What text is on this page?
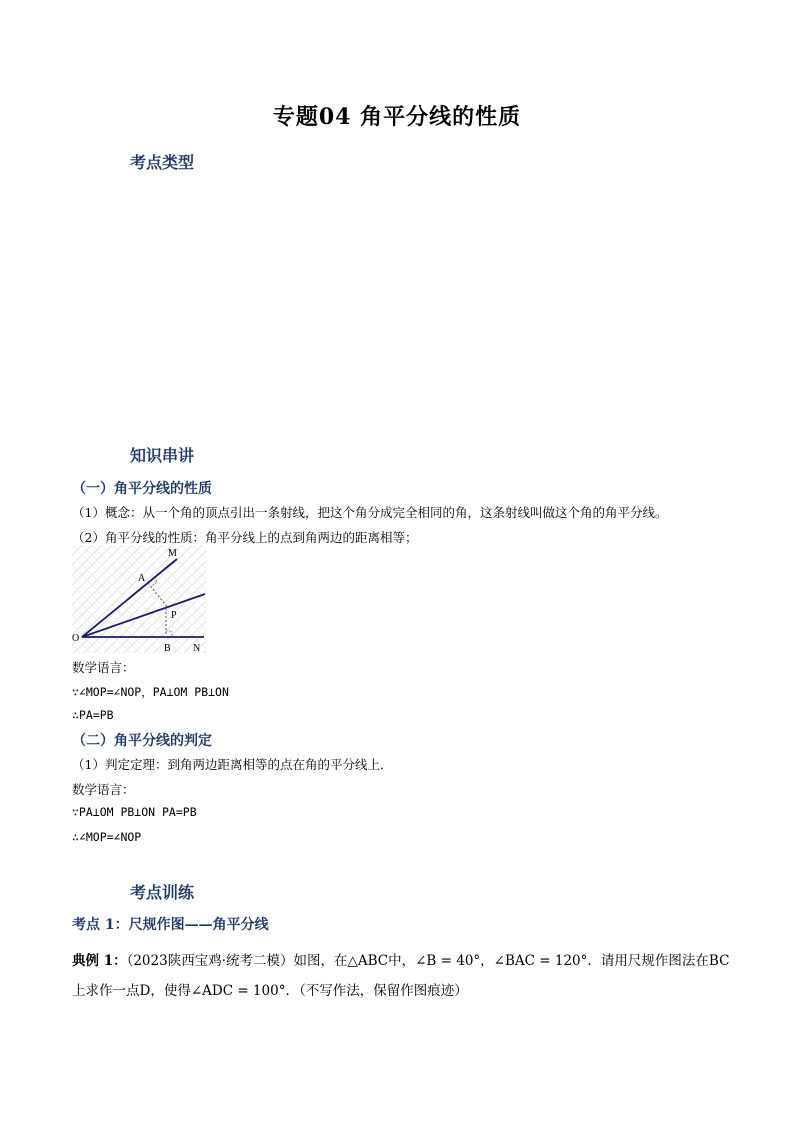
专题04 角平分线的性质
考点类型
知识串讲
（一）角平分线的性质
（1）概念：从一个角的顶点引出一条射线，把这个角分成完全相同的角，这条射线叫做这个角的角平分线。
（2）角平分线的性质：角平分线上的点到角两边的距离相等；
M
A
P
O
B N
数学语言：
∵∠MOP=∠NOP，PA⊥OM PB⊥ON
∴PA=PB
（二）角平分线的判定
（1）判定定理：到角两边距离相等的点在角的平分线上．
数学语言：
∵PA⊥OM PB⊥ON PA=PB
∴∠MOP=∠NOP
考点训练
考点 1：尺规作图——角平分线
典例 1：（2023陕西宝鸡·统考二模）如图，在△ABC中，∠B = 40°，∠BAC = 120°．请用尺规作图法在BC
上求作一点D，使得∠ADC = 100°．（不写作法，保留作图痕迹）
